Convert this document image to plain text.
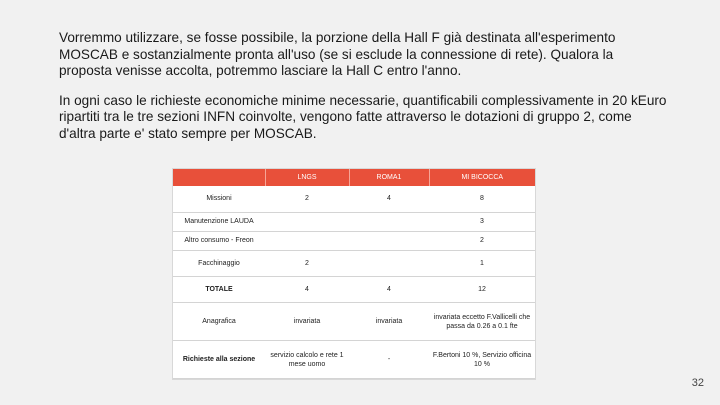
Vorremmo utilizzare, se fosse possibile, la porzione della Hall F già destinata all'esperimento MOSCAB e sostanzialmente pronta all'uso (se si esclude la connessione di rete). Qualora la proposta venisse accolta, potremmo lasciare la Hall C entro l'anno.

In ogni caso le richieste economiche minime necessarie, quantificabili complessivamente in 20 kEuro ripartiti tra le tre sezioni INFN coinvolte, vengono fatte attraverso le dotazioni di gruppo 2, come d'altra parte e' stato sempre per MOSCAB.

	LNGS	ROMA1	MI BICOCCA
Missioni	2	4	8
Manutenzione LAUDA			3
Altro consumo - Freon			2
Facchinaggio	2		1
TOTALE	4	4	12
Anagrafica	invariata	invariata	invariata eccetto F.Vallicelli che passa da 0.26 a 0.1 fte
Richieste alla sezione	servizio calcolo e rete 1 mese uomo	-	F.Bertoni 10 %, Servizio officina 10 %
32
